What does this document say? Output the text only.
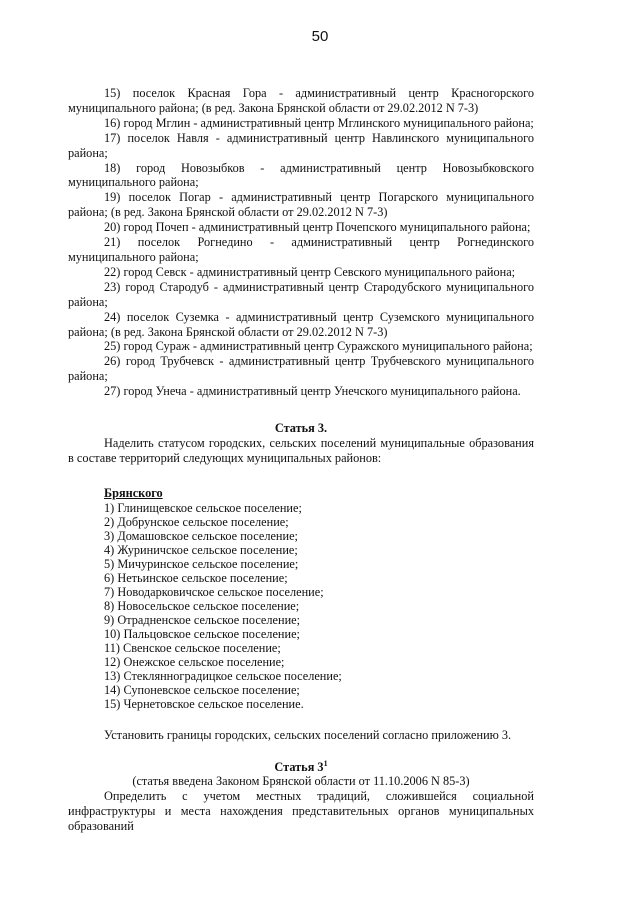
50

15) поселок Красная Гора - административный центр Красногорского муниципального района; (в ред. Закона Брянской области от 29.02.2012 N 7-3)

16) город Мглин - административный центр Мглинского муниципального района;

17) поселок Навля - административный центр Навлинского муниципального района;

18) город Новозыбков - административный центр Новозыбковского муниципального района;

19) поселок Погар - административный центр Погарского муниципального района; (в ред. Закона Брянской области от 29.02.2012 N 7-3)

20) город Почеп - административный центр Почепского муниципального района;

21) поселок Рогнедино - административный центр Рогнединского муниципального района;

22) город Севск - административный центр Севского муниципального района;

23) город Стародуб - административный центр Стародубского муниципального района;

24) поселок Суземка - административный центр Суземского муниципального района; (в ред. Закона Брянской области от 29.02.2012 N 7-3)

25) город Сураж - административный центр Суражского муниципального района;

26) город Трубчевск - административный центр Трубчевского муниципального района;

27) город Унеча - административный центр Унечского муниципального района.

Статья 3.

Наделить статусом городских, сельских поселений муниципальные образования в составе территорий следующих муниципальных районов:

Брянского

1) Глинищевское сельское поселение;

2) Добрунское сельское поселение;

3) Домашовское сельское поселение;

4) Журиничское сельское поселение;

5) Мичуринское сельское поселение;

6) Нетьинское сельское поселение;

7) Новодарковичское сельское поселение;

8) Новосельское сельское поселение;

9) Отрадненское сельское поселение;

10) Пальцовское сельское поселение;

11) Свенское сельское поселение;

12) Онежское сельское поселение;

13) Стеклянноградицкое сельское поселение;

14) Супоневское сельское поселение;

15) Чернетовское сельское поселение.

Установить границы городских, сельских поселений согласно приложению 3.

Статья $3^1$

(статья введена Законом Брянской области от 11.10.2006 N 85-3)

Определить с учетом местных традиций, сложившейся социальной инфраструктуры и места нахождения представительных органов муниципальных образований
